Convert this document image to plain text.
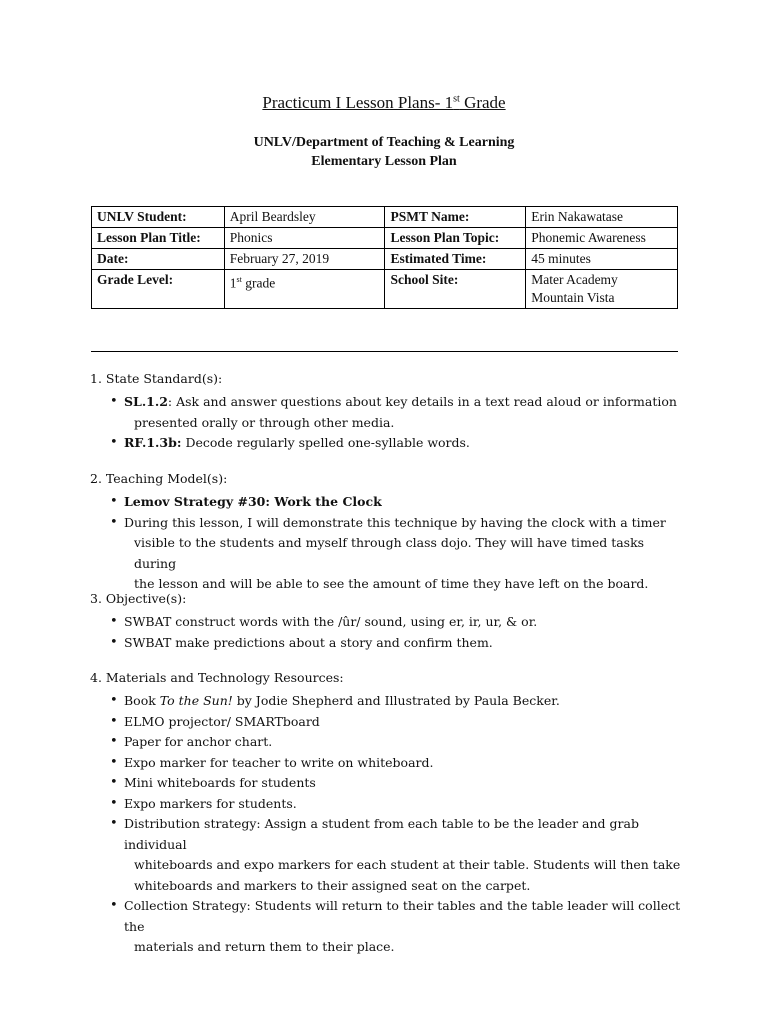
Practicum I Lesson Plans- 1st Grade
UNLV/Department of Teaching & Learning
Elementary Lesson Plan
UNLV Student:	April Beardsley	PSMT Name:	Erin Nakawatase
Lesson Plan Title:	Phonics	Lesson Plan Topic:	Phonemic Awareness
Date:	February 27, 2019	Estimated Time:	45 minutes
Grade Level:	1st grade	School Site:	Mater Academy
Mountain Vista
1. State Standard(s):
• SL.1.2: Ask and answer questions about key details in a text read aloud or information
presented orally or through other media.
• RF.1.3b: Decode regularly spelled one-syllable words.
2. Teaching Model(s):
• Lemov Strategy #30: Work the Clock
• During this lesson, I will demonstrate this technique by having the clock with a timer
visible to the students and myself through class dojo. They will have timed tasks during
the lesson and will be able to see the amount of time they have left on the board.
3. Objective(s):
• SWBAT construct words with the /ûr/ sound, using er, ir, ur, & or.
• SWBAT make predictions about a story and confirm them.
4. Materials and Technology Resources:
• Book To the Sun! by Jodie Shepherd and Illustrated by Paula Becker.
• ELMO projector/ SMARTboard
• Paper for anchor chart.
• Expo marker for teacher to write on whiteboard.
• Mini whiteboards for students
• Expo markers for students.
• Distribution strategy: Assign a student from each table to be the leader and grab individual
whiteboards and expo markers for each student at their table. Students will then take
whiteboards and markers to their assigned seat on the carpet.
• Collection Strategy: Students will return to their tables and the table leader will collect the
materials and return them to their place.
